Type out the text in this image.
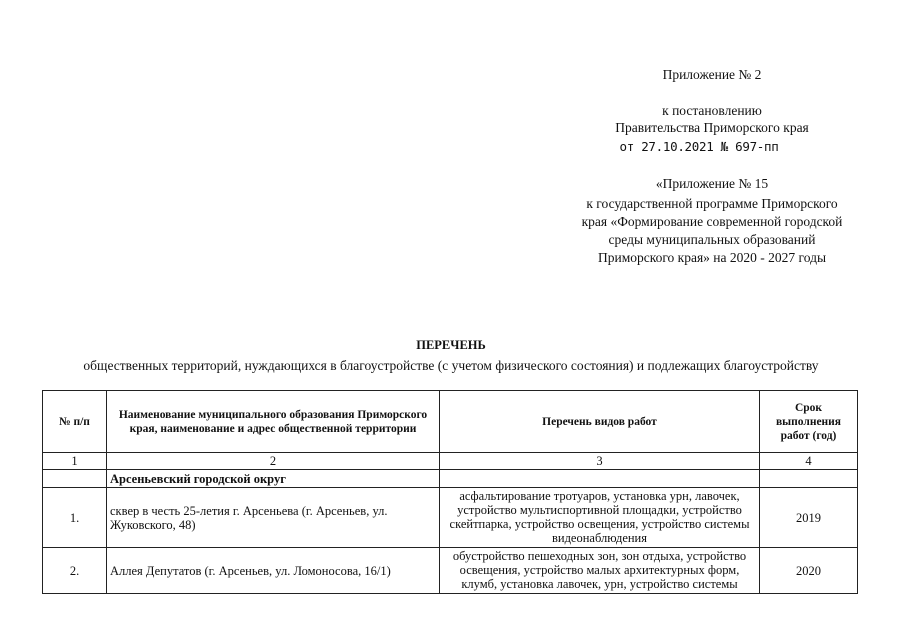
Приложение № 2
к постановлению
Правительства Приморского края
от 27.10.2021 № 697-пп
«Приложение № 15
к государственной программе Приморского
края «Формирование современной городской
среды муниципальных образований
Приморского края» на 2020 - 2027 годы
ПЕРЕЧЕНЬ
общественных территорий, нуждающихся в благоустройстве (с учетом физического состояния) и подлежащих благоустройству
№ п/п	Наименование муниципального образования Приморского края, наименование и адрес общественной территории	Перечень видов работ	Срок выполнения работ (год)
1	2	3	4
	Арсеньевский городской округ		
1.	сквер в честь 25-летия г. Арсеньева (г. Арсеньев, ул. Жуковского, 48)	асфальтирование тротуаров, установка урн, лавочек, устройство мультиспортивной площадки, устройство скейтпарка, устройство освещения, устройство системы видеонаблюдения	2019
2.	Аллея Депутатов (г. Арсеньев, ул. Ломоносова, 16/1)	обустройство пешеходных зон, зон отдыха, устройство освещения, устройство малых архитектурных форм, клумб, установка лавочек, урн, устройство системы	2020
